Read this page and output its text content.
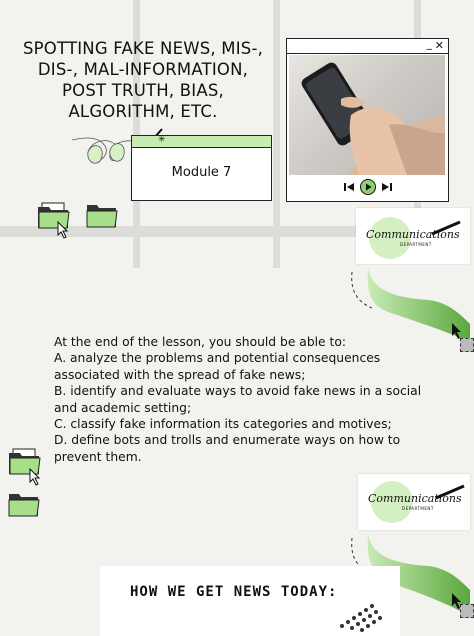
SPOTTING FAKE NEWS, MIS-,
DIS-, MAL-INFORMATION,
POST TRUTH, BIAS,
ALGORITHM, ETC.
✳
Module 7
_ ✕
Communications
DEPARTMENT
At the end of the lesson, you should be able to:
A. analyze the problems and potential consequences associated with the spread of fake news;
B. identify and evaluate ways to avoid fake news in a social and academic setting;
C. classify fake information its categories and motives;
D. define bots and trolls and enumerate ways on how to prevent them.
Communications
DEPARTMENT
HOW WE GET NEWS TODAY:
